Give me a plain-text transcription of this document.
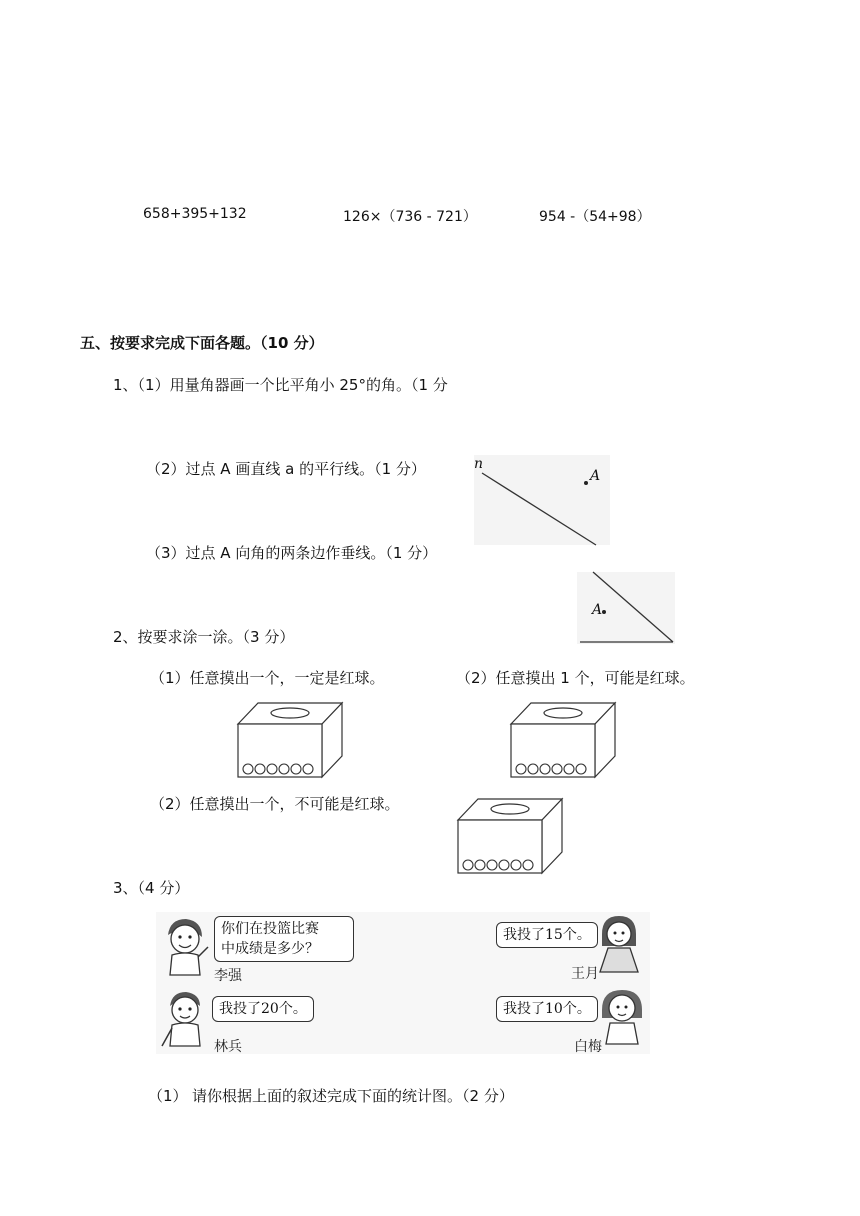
658+395+132	126×（736 - 721）	954 -（54+98）
五、按要求完成下面各题。（10 分）
1、（1）用量角器画一个比平角小 25°的角。（1 分
（2）过点 A 画直线 a 的平行线。（1 分）
（3）过点 A 向角的两条边作垂线。（1 分）
n
A
A
2、按要求涂一涂。（3 分）
（1）任意摸出一个，一定是红球。	（2）任意摸出 1 个，可能是红球。
（2）任意摸出一个，不可能是红球。
3、（4 分）
你们在投篮比赛
中成绩是多少？
李强
我投了15个。
王月
我投了20个。
林兵
我投了10个。
白梅
（1） 请你根据上面的叙述完成下面的统计图。（2 分）
